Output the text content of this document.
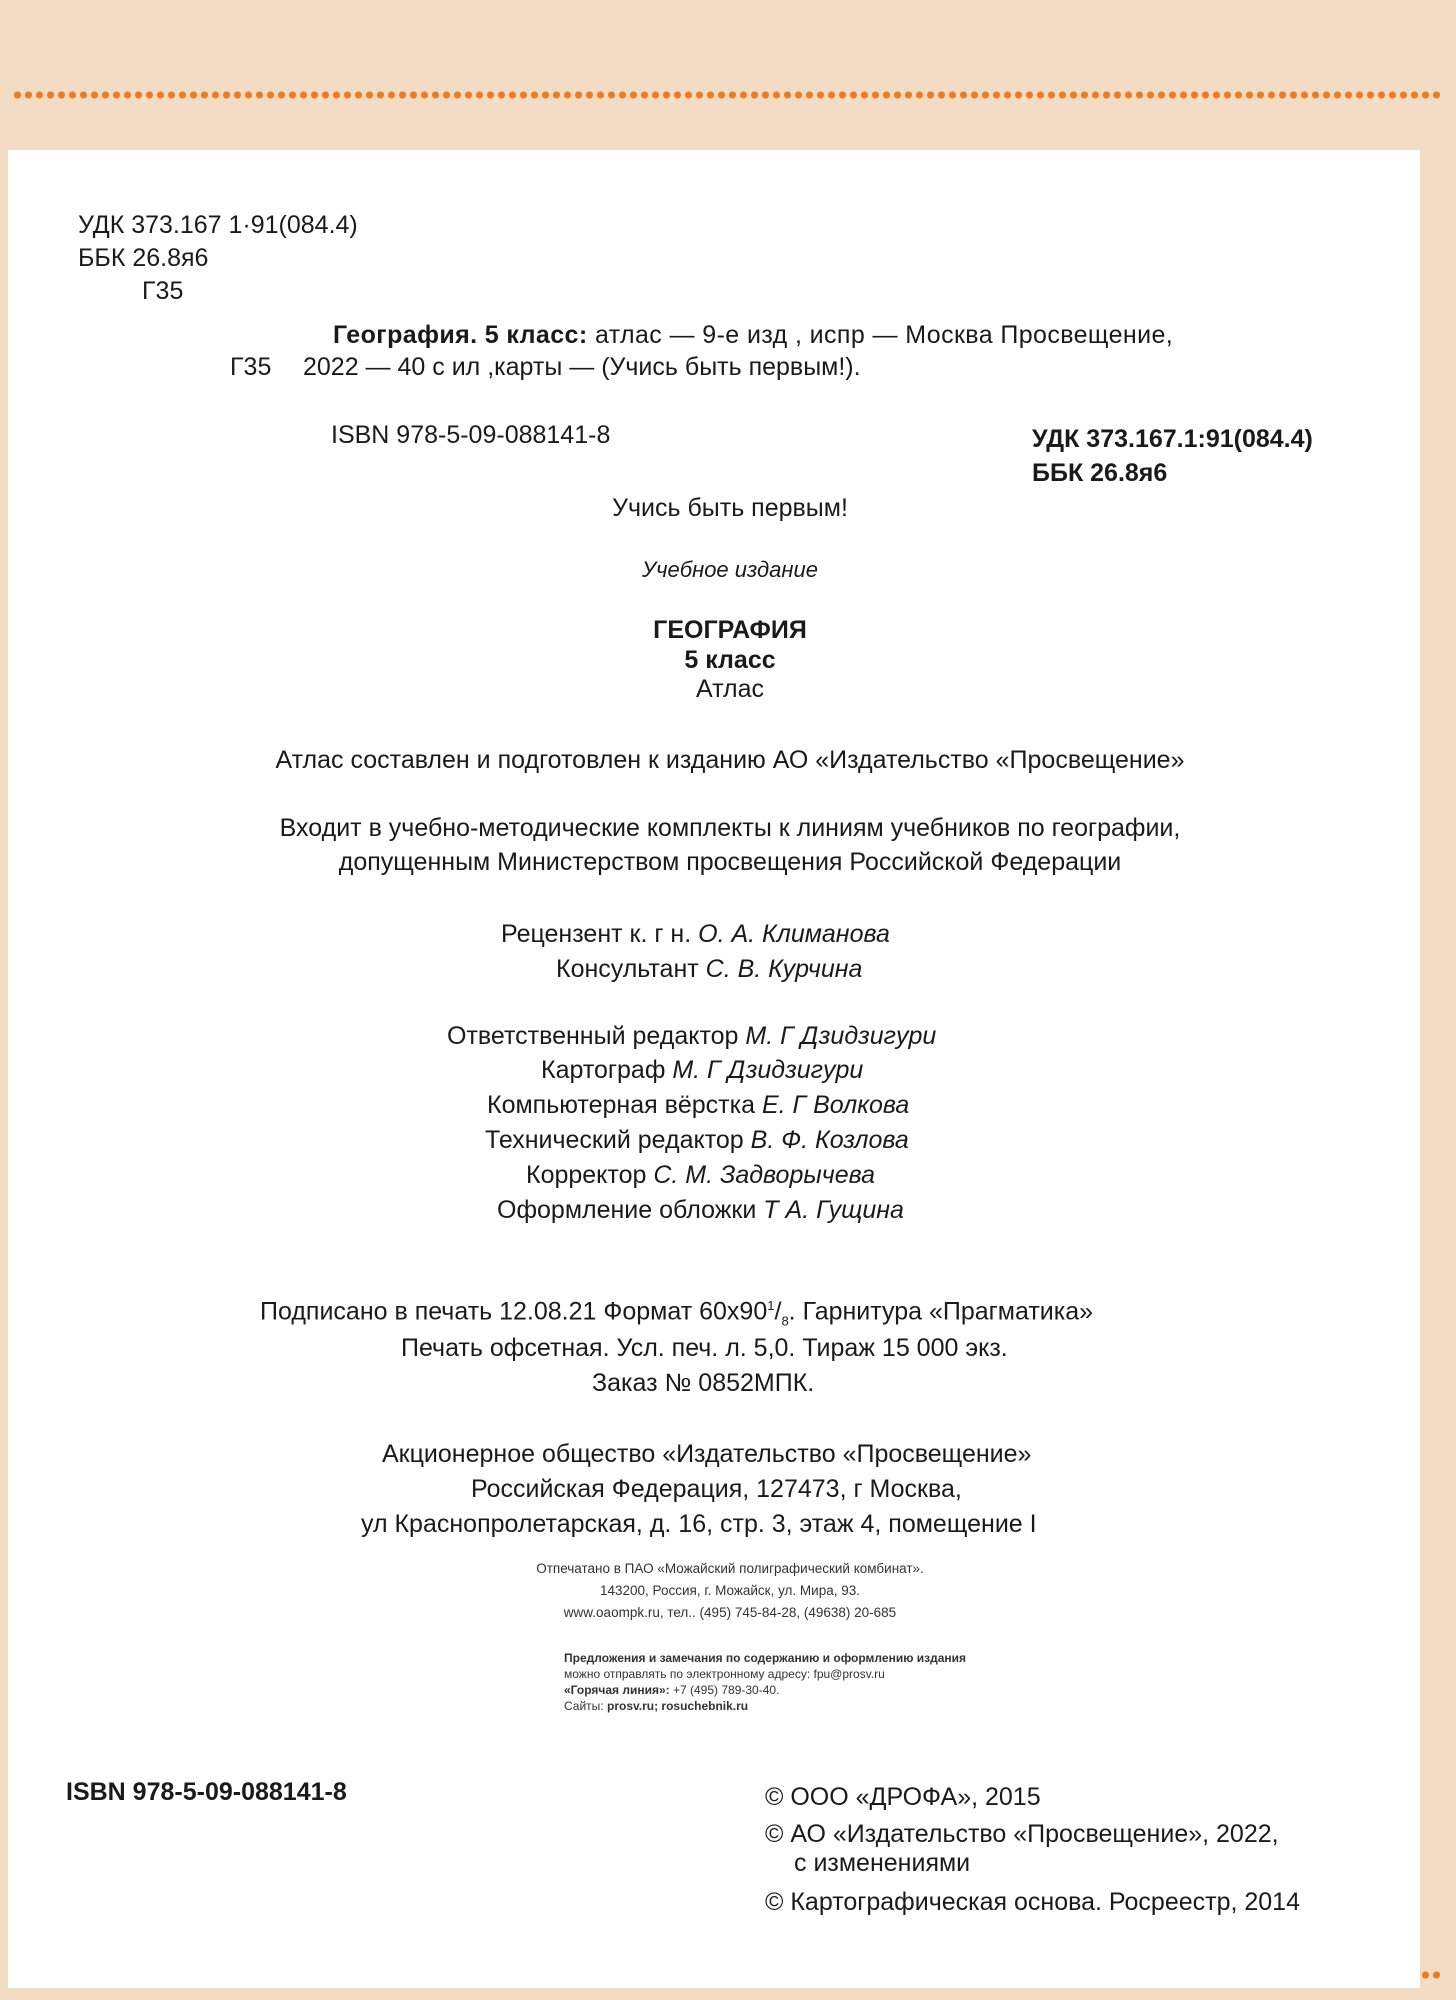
УДК 373.167 1·91(084.4)
ББК 26.8я6
Г35
География. 5 класс: атлас — 9-е изд , испр — Москва Просвещение,
Г35 2022 — 40 с ил ,карты — (Учись быть первым!).
ISBN 978-5-09-088141-8	УДК 373.167.1:91(084.4)
ББК 26.8я6
Учись быть первым!
Учебное издание
ГЕОГРАФИЯ
5 класс
Атлас
Атлас составлен и подготовлен к изданию АО «Издательство «Просвещение»
Входит в учебно-методические комплекты к линиям учебников по географии,
допущенным Министерством просвещения Российской Федерации
Рецензент к. г н. О. А. Климанова
Консультант С. В. Курчина
Ответственный редактор М. Г Дзидзигури
Картограф М. Г Дзидзигури
Компьютерная вёрстка Е. Г Волкова
Технический редактор В. Ф. Козлова
Корректор С. М. Задворычева
Оформление обложки Т А. Гущина
Подписано в печать 12.08.21 Формат $60x90^1/_8$. Гарнитура «Прагматика»
Печать офсетная. Усл. печ. л. 5,0. Тираж 15 000 экз.
Заказ № 0852МПК.
Акционерное общество «Издательство «Просвещение»
Российская Федерация, 127473, г Москва,
ул Краснопролетарская, д. 16, стр. 3, этаж 4, помещение I
Отпечатано в ПАО «Можайский полиграфический комбинат».
143200, Россия, г. Можайск, ул. Мира, 93.
www.oaompk.ru, тел.. (495) 745-84-28, (49638) 20-685
Предложения и замечания по содержанию и оформлению издания
можно отправлять по электронному адресу: fpu@prosv.ru
«Горячая линия»: +7 (495) 789-30-40.
Сайты: prosv.ru; rosuchebnik.ru
ISBN 978-5-09-088141-8	© ООО «ДРОФА», 2015
© АО «Издательство «Просвещение», 2022,
с изменениями
© Картографическая основа. Росреестр, 2014
